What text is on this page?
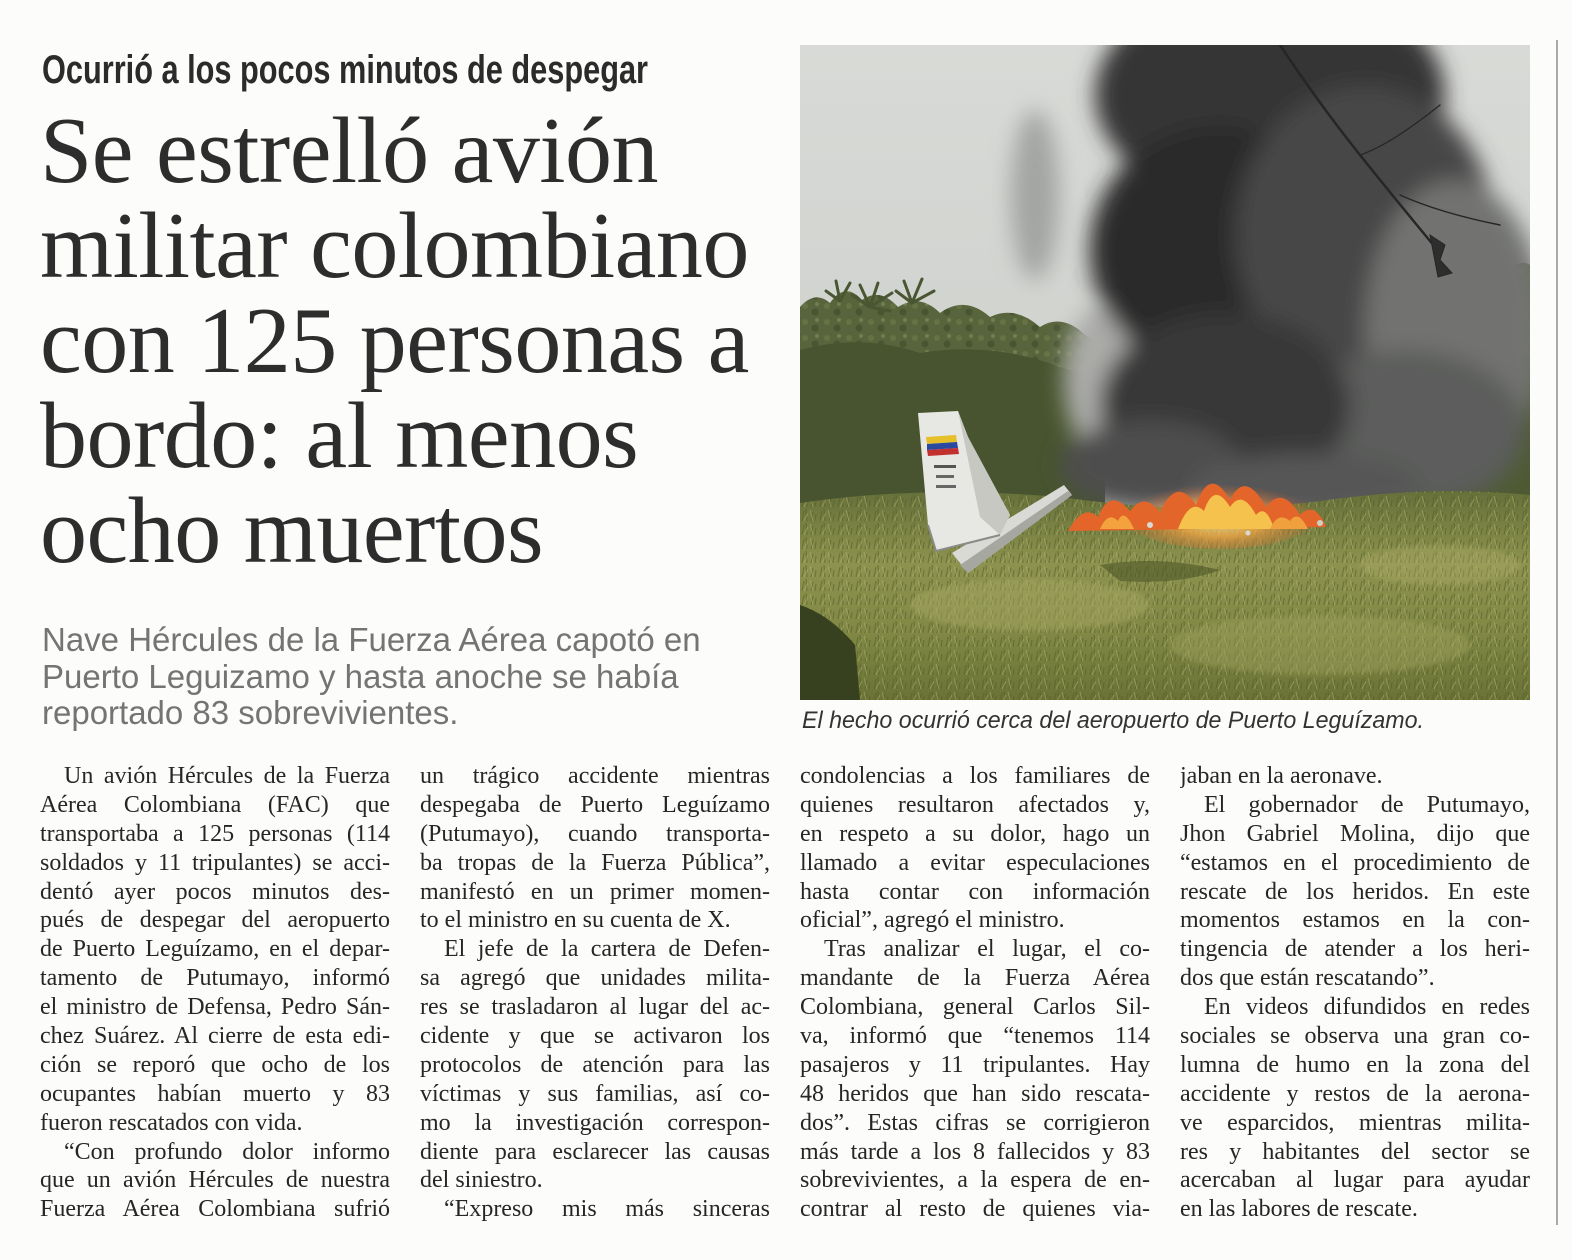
Ocurrió a los pocos minutos de despegar
Se estrelló avión
militar colombiano
con 125 personas a
bordo: al menos
ocho muertos
Nave Hércules de la Fuerza Aérea capotó en
Puerto Leguizamo y hasta anoche se había
reportado 83 sobrevivientes.	El hecho ocurrió cerca del aeropuerto de Puerto Leguízamo.
Un avión Hércules de la Fuerza
Aérea Colombiana (FAC) que
transportaba a 125 personas (114
soldados y 11 tripulantes) se acci-
dentó ayer pocos minutos des-
pués de despegar del aeropuerto
de Puerto Leguízamo, en el depar-
tamento de Putumayo, informó
el ministro de Defensa, Pedro Sán-
chez Suárez. Al cierre de esta edi-
ción se reporó que ocho de los
ocupantes habían muerto y 83
fueron rescatados con vida.
“Con profundo dolor informo
que un avión Hércules de nuestra
Fuerza Aérea Colombiana sufrió
un trágico accidente mientras
despegaba de Puerto Leguízamo
(Putumayo), cuando transporta-
ba tropas de la Fuerza Pública”,
manifestó en un primer momen-
to el ministro en su cuenta de X.
El jefe de la cartera de Defen-
sa agregó que unidades milita-
res se trasladaron al lugar del ac-
cidente y que se activaron los
protocolos de atención para las
víctimas y sus familias, así co-
mo la investigación correspon-
diente para esclarecer las causas
del siniestro.
“Expreso mis más sinceras
condolencias a los familiares de
quienes resultaron afectados y,
en respeto a su dolor, hago un
llamado a evitar especulaciones
hasta contar con información
oficial”, agregó el ministro.
Tras analizar el lugar, el co-
mandante de la Fuerza Aérea
Colombiana, general Carlos Sil-
va, informó que “tenemos 114
pasajeros y 11 tripulantes. Hay
48 heridos que han sido rescata-
dos”. Estas cifras se corrigieron
más tarde a los 8 fallecidos y 83
sobrevivientes, a la espera de en-
contrar al resto de quienes via-
jaban en la aeronave.
El gobernador de Putumayo,
Jhon Gabriel Molina, dijo que
“estamos en el procedimiento de
rescate de los heridos. En este
momentos estamos en la con-
tingencia de atender a los heri-
dos que están rescatando”.
En videos difundidos en redes
sociales se observa una gran co-
lumna de humo en la zona del
accidente y restos de la aerona-
ve esparcidos, mientras milita-
res y habitantes del sector se
acercaban al lugar para ayudar
en las labores de rescate.
